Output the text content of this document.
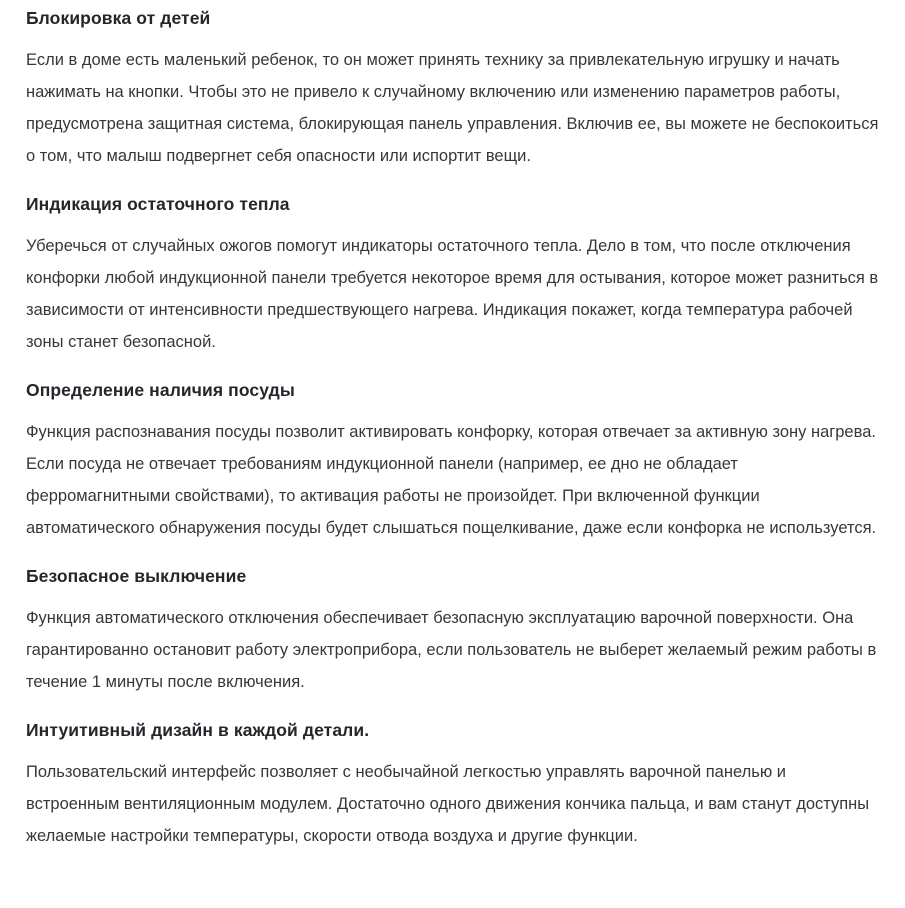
Блокировка от детей

Если в доме есть маленький ребенок, то он может принять технику за привлекательную игрушку и начать нажимать на кнопки. Чтобы это не привело к случайному включению или изменению параметров работы, предусмотрена защитная система, блокирующая панель управления. Включив ее, вы можете не беспокоиться о том, что малыш подвергнет себя опасности или испортит вещи.

Индикация остаточного тепла

Уберечься от случайных ожогов помогут индикаторы остаточного тепла. Дело в том, что после отключения конфорки любой индукционной панели требуется некоторое время для остывания, которое может разниться в зависимости от интенсивности предшествующего нагрева. Индикация покажет, когда температура рабочей зоны станет безопасной.

Определение наличия посуды

Функция распознавания посуды позволит активировать конфорку, которая отвечает за активную зону нагрева. Если посуда не отвечает требованиям индукционной панели (например, ее дно не обладает ферромагнитными свойствами), то активация работы не произойдет. При включенной функции автоматического обнаружения посуды будет слышаться пощелкивание, даже если конфорка не используется.

Безопасное выключение

Функция автоматического отключения обеспечивает безопасную эксплуатацию варочной поверхности. Она гарантированно остановит работу электроприбора, если пользователь не выберет желаемый режим работы в течение 1 минуты после включения.

Интуитивный дизайн в каждой детали.

Пользовательский интерфейс позволяет с необычайной легкостью управлять варочной панелью и встроенным вентиляционным модулем. Достаточно одного движения кончика пальца, и вам станут доступны желаемые настройки температуры, скорости отвода воздуха и другие функции.
